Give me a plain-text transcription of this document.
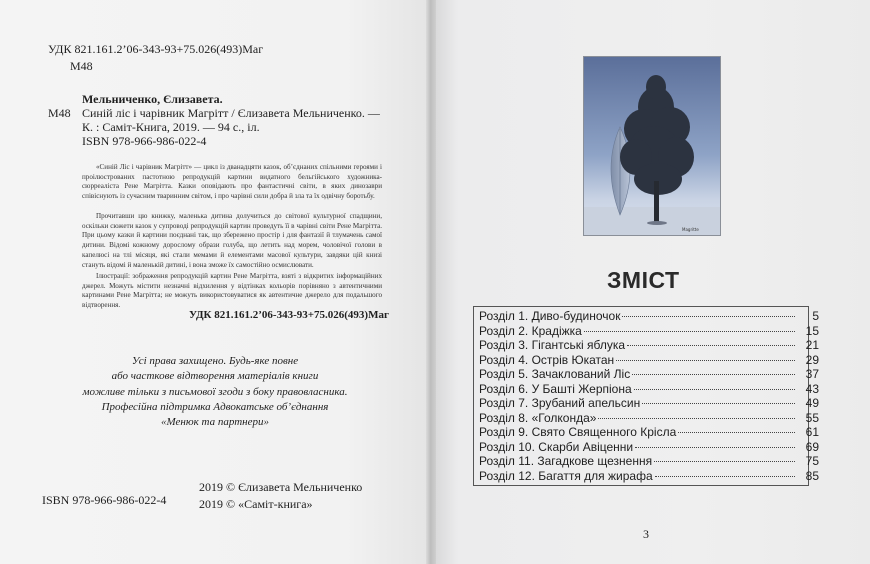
УДК 821.161.2’06-343-93+75.026(493)Маг
М48
Мельниченко, Єлизавета.
М48 Синій ліс і чарівник Магрітт / Єлизавета Мельниченко. —
К. : Саміт-Книга, 2019. — 94 с., іл.
ISBN 978-966-986-022-4

«Синій Ліс і чарівник Магрітт» — цикл із дванадцяти казок, об’єднаних спільними героями і проілюстрованих пастотною репродукцій картини видатного бельгійського художника-сюрреаліста Рене Магрітта. Казки оповідають про фантастичні світи, в яких динозаври співіснують із сучасним тваринним світом, і про чарівні сили добра й зла та їх одвічну боротьбу.

Прочитавши цю книжку, маленька дитина долучиться до світової культурної спадщини, оскільки сюжети казок у супроводі репродукцій картин проведуть її в чарівні світи Рене Магрітта. При цьому казки й картини поєднані так, що збережено простір і для фантазії й тлумачень самої дитини. Відомі кожному дорослому образи голуба, що летить над морем, чоловічої голови в капелюсі на тлі місяця, які стали мемами й елементами масової культури, завдяки цій книзі стануть відомі й маленькій дитині, і вона зможе їх самостійно осмислювати.

Ілюстрації: зображення репродукцій картин Рене Магрітта, взяті з відкритих інформаційних джерел. Можуть містити незначні відхилення у відтінках кольорів порівняно з автентичними картинами Рене Магрітта; не можуть використовуватися як автентичне джерело для подальшого відтворення.

УДК 821.161.2’06-343-93+75.026(493)Маг
Усі права захищено. Будь-яке повне
або часткове відтворення матеріалів книги
можливе тільки з письмової згоди з боку правовласника.
Професійна підтримка Адвокатське об’єднання
«Менюк та партнери»
2019 © Єлизавета Мельниченко
2019 © «Саміт-книга»
ISBN 978-966-986-022-4
Magritte
ЗМІСТ
Розділ 1. Диво-будиночок	5
Розділ 2. Крадіжка	15
Розділ 3. Гігантські яблука	21
Розділ 4. Острів Юкатан	29
Розділ 5. Зачаклований Ліс	37
Розділ 6. У Башті Жерпіона	43
Розділ 7. Зрубаний апельсин	49
Розділ 8. «Голконда»	55
Розділ 9. Свято Священного Крісла	61
Розділ 10. Скарби Авіценни	69
Розділ 11. Загадкове щезнення	75
Розділ 12. Багаття для жирафа	85
3
